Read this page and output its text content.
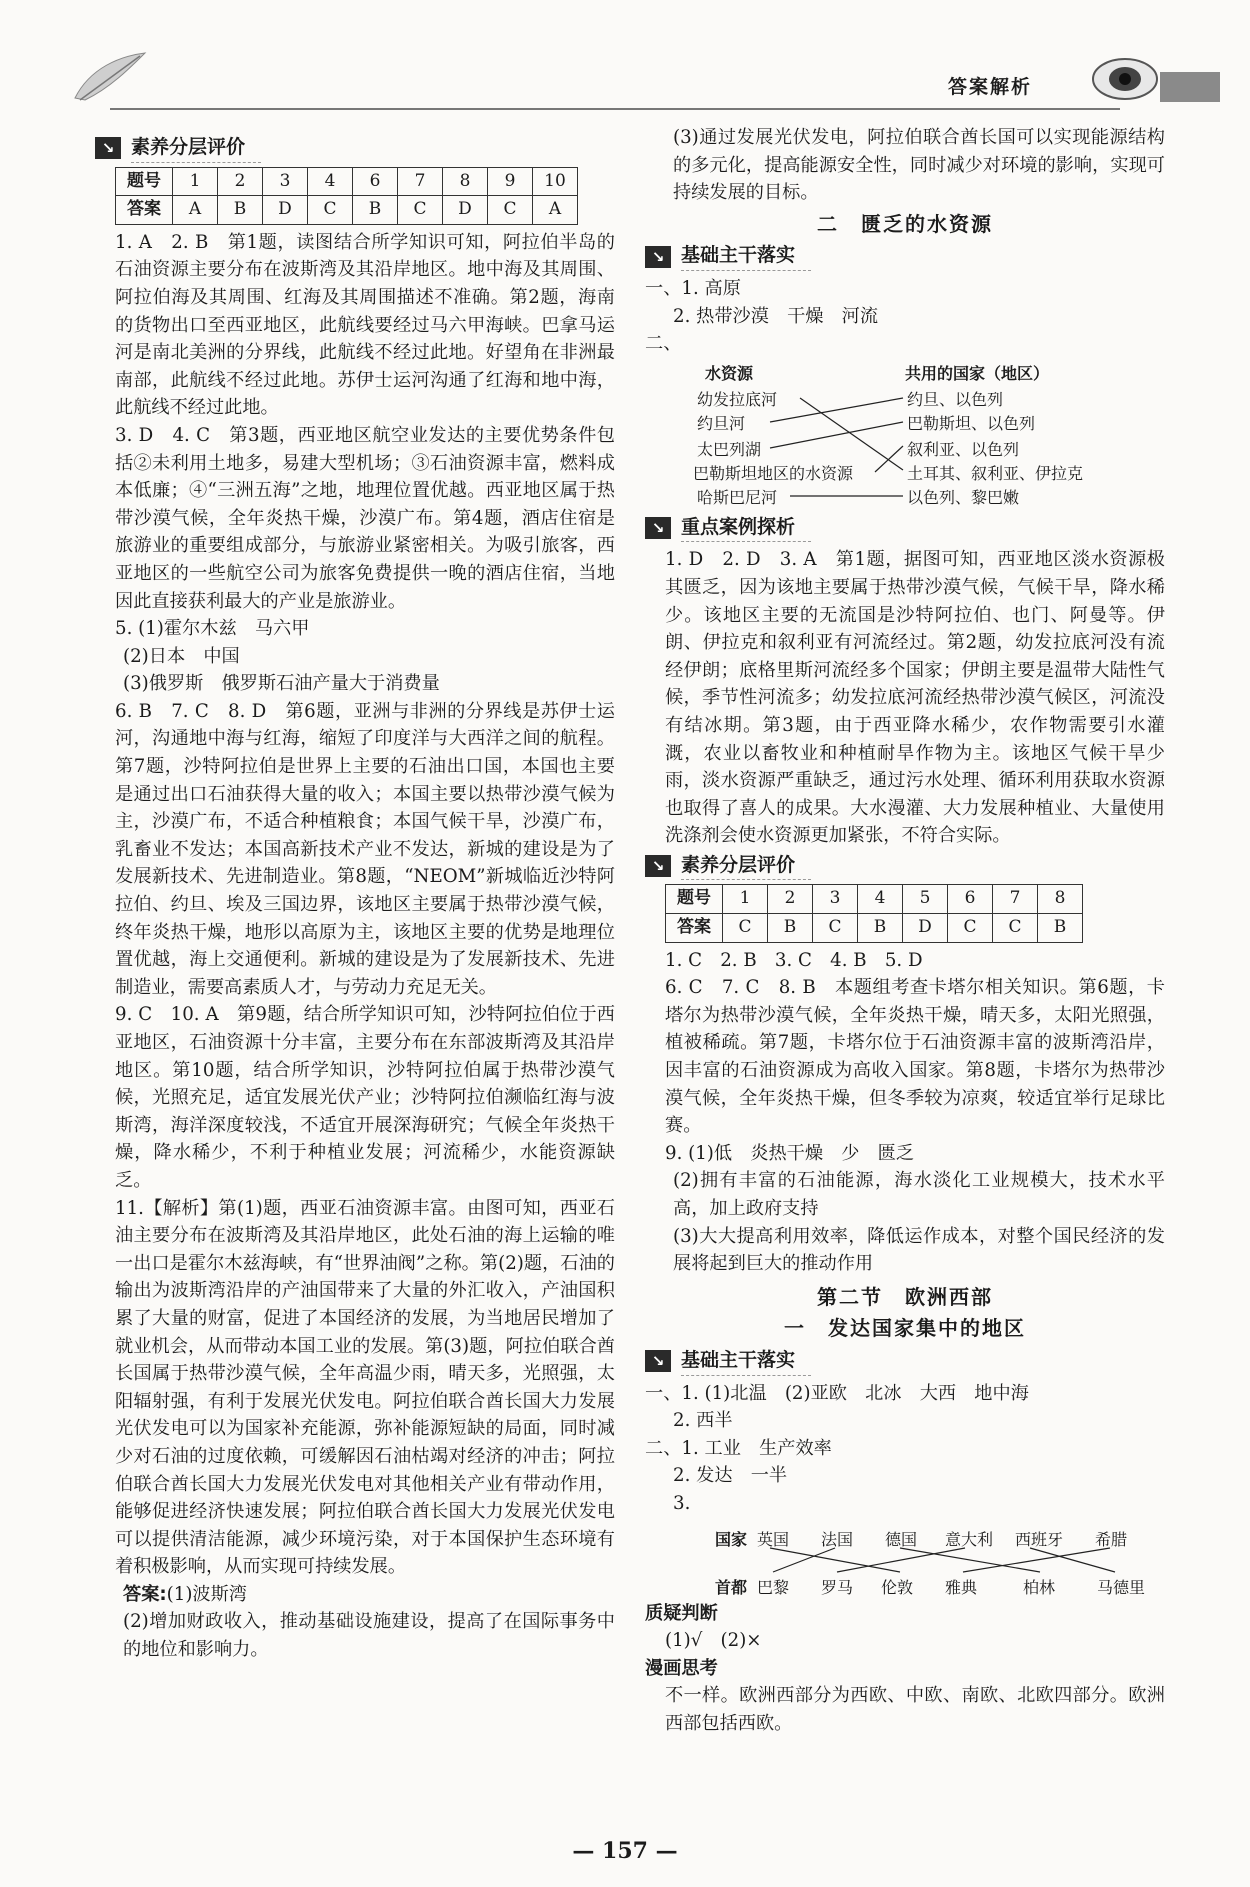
答案解析
↘ 素养分层评价
题号	1	2	3	4	6	7	8	9	10
答案	A	B	D	C	B	C	D	C	A

1. A　2. B　第1题，读图结合所学知识可知，阿拉伯半岛的石油资源主要分布在波斯湾及其沿岸地区。地中海及其周围、阿拉伯海及其周围、红海及其周围描述不准确。第2题，海南的货物出口至西亚地区，此航线要经过马六甲海峡。巴拿马运河是南北美洲的分界线，此航线不经过此地。好望角在非洲最南部，此航线不经过此地。苏伊士运河沟通了红海和地中海，此航线不经过此地。

3. D　4. C　第3题，西亚地区航空业发达的主要优势条件包括②未利用土地多，易建大型机场；③石油资源丰富，燃料成本低廉；④“三洲五海”之地，地理位置优越。西亚地区属于热带沙漠气候，全年炎热干燥，沙漠广布。第4题，酒店住宿是旅游业的重要组成部分，与旅游业紧密相关。为吸引旅客，西亚地区的一些航空公司为旅客免费提供一晚的酒店住宿，当地因此直接获利最大的产业是旅游业。

5. (1)霍尔木兹　马六甲

(2)日本　中国

(3)俄罗斯　俄罗斯石油产量大于消费量

6. B　7. C　8. D　第6题，亚洲与非洲的分界线是苏伊士运河，沟通地中海与红海，缩短了印度洋与大西洋之间的航程。第7题，沙特阿拉伯是世界上主要的石油出口国，本国也主要是通过出口石油获得大量的收入；本国主要以热带沙漠气候为主，沙漠广布，不适合种植粮食；本国气候干旱，沙漠广布，乳畜业不发达；本国高新技术产业不发达，新城的建设是为了发展新技术、先进制造业。第8题，“NEOM”新城临近沙特阿拉伯、约旦、埃及三国边界，该地区主要属于热带沙漠气候，终年炎热干燥，地形以高原为主，该地区主要的优势是地理位置优越，海上交通便利。新城的建设是为了发展新技术、先进制造业，需要高素质人才，与劳动力充足无关。

9. C　10. A　第9题，结合所学知识可知，沙特阿拉伯位于西亚地区，石油资源十分丰富，主要分布在东部波斯湾及其沿岸地区。第10题，结合所学知识，沙特阿拉伯属于热带沙漠气候，光照充足，适宜发展光伏产业；沙特阿拉伯濒临红海与波斯湾，海洋深度较浅，不适宜开展深海研究；气候全年炎热干燥，降水稀少，不利于种植业发展；河流稀少，水能资源缺乏。

11.【解析】第(1)题，西亚石油资源丰富。由图可知，西亚石油主要分布在波斯湾及其沿岸地区，此处石油的海上运输的唯一出口是霍尔木兹海峡，有“世界油阀”之称。第(2)题，石油的输出为波斯湾沿岸的产油国带来了大量的外汇收入，产油国积累了大量的财富，促进了本国经济的发展，为当地居民增加了就业机会，从而带动本国工业的发展。第(3)题，阿拉伯联合酋长国属于热带沙漠气候，全年高温少雨，晴天多，光照强，太阳辐射强，有利于发展光伏发电。阿拉伯联合酋长国大力发展光伏发电可以为国家补充能源，弥补能源短缺的局面，同时减少对石油的过度依赖，可缓解因石油枯竭对经济的冲击；阿拉伯联合酋长国大力发展光伏发电对其他相关产业有带动作用，能够促进经济快速发展；阿拉伯联合酋长国大力发展光伏发电可以提供清洁能源，减少环境污染，对于本国保护生态环境有着积极影响，从而实现可持续发展。

答案:(1)波斯湾

(2)增加财政收入，推动基础设施建设，提高了在国际事务中的地位和影响力。

(3)通过发展光伏发电，阿拉伯联合酋长国可以实现能源结构的多元化，提高能源安全性，同时减少对环境的影响，实现可持续发展的目标。

二　匮乏的水资源
↘ 基础主干落实

一、1. 高原

2. 热带沙漠　干燥　河流

二、

水资源	共用的国家（地区）
幼发拉底河
约旦河
太巴列湖
巴勒斯坦地区的水资源
哈斯巴尼河
约旦、以色列
巴勒斯坦、以色列
叙利亚、以色列
土耳其、叙利亚、伊拉克
以色列、黎巴嫩
↘ 重点案例探析

1. D　2. D　3. A　第1题，据图可知，西亚地区淡水资源极其匮乏，因为该地主要属于热带沙漠气候，气候干旱，降水稀少。该地区主要的无流国是沙特阿拉伯、也门、阿曼等。伊朗、伊拉克和叙利亚有河流经过。第2题，幼发拉底河没有流经伊朗；底格里斯河流经多个国家；伊朗主要是温带大陆性气候，季节性河流多；幼发拉底河流经热带沙漠气候区，河流没有结冰期。第3题，由于西亚降水稀少，农作物需要引水灌溉，农业以畜牧业和种植耐旱作物为主。该地区气候干旱少雨，淡水资源严重缺乏，通过污水处理、循环利用获取水资源也取得了喜人的成果。大水漫灌、大力发展种植业、大量使用洗涤剂会使水资源更加紧张，不符合实际。

↘ 素养分层评价
题号	1	2	3	4	5	6	7	8
答案	C	B	C	B	D	C	C	B

1. C　2. B　3. C　4. B　5. D

6. C　7. C　8. B　本题组考查卡塔尔相关知识。第6题，卡塔尔为热带沙漠气候，全年炎热干燥，晴天多，太阳光照强，植被稀疏。第7题，卡塔尔位于石油资源丰富的波斯湾沿岸，因丰富的石油资源成为高收入国家。第8题，卡塔尔为热带沙漠气候，全年炎热干燥，但冬季较为凉爽，较适宜举行足球比赛。

9. (1)低　炎热干燥　少　匮乏

(2)拥有丰富的石油能源，海水淡化工业规模大，技术水平高，加上政府支持

(3)大大提高利用效率，降低运作成本，对整个国民经济的发展将起到巨大的推动作用

第二节　欧洲西部
一　发达国家集中的地区
↘ 基础主干落实

一、1. (1)北温　(2)亚欧　北冰　大西　地中海

2. 西半

二、1. 工业　生产效率

2. 发达　一半

3.

国家
首都
英国 法国 德国 意大利 西班牙 希腊
巴黎 罗马 伦敦 雅典	柏林	马德里

质疑判断

(1)√　(2)×

漫画思考

不一样。欧洲西部分为西欧、中欧、南欧、北欧四部分。欧洲西部包括西欧。

— 157 —
